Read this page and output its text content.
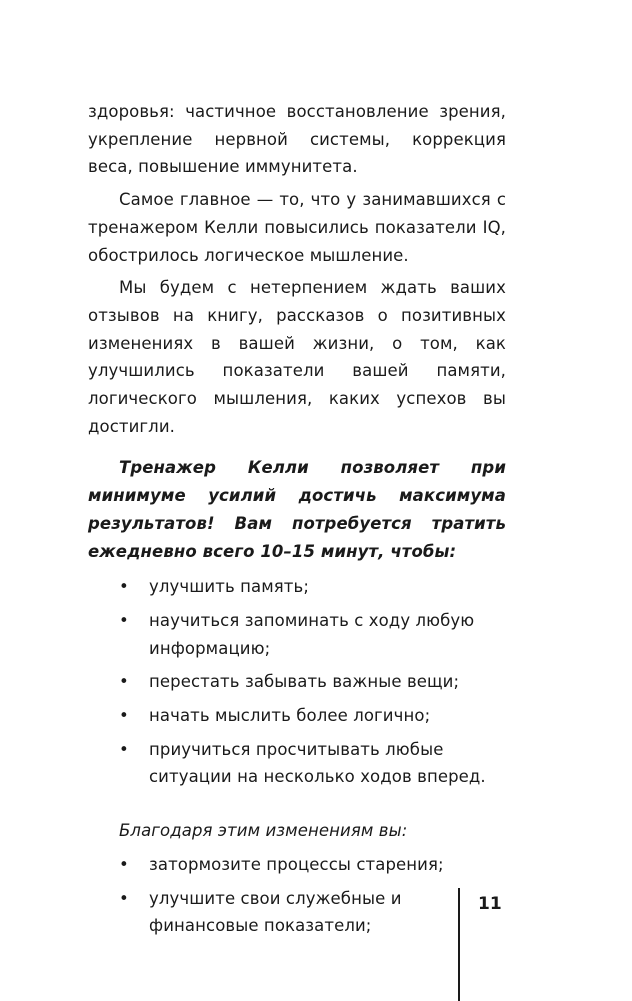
здоровья: частичное восстановление зрения, укрепление нервной системы, коррекция веса, повышение иммунитета.

Самое главное — то, что у занимавшихся с тренажером Келли повысились показатели IQ, обострилось логическое мышление.

Мы будем с нетерпением ждать ваших отзывов на книгу, рассказов о позитивных изменениях в вашей жизни, о том, как улучшились показатели вашей памяти, логического мышления, каких успехов вы достигли.

Тренажер Келли позволяет при минимуме усилий достичь максимума результатов! Вам потребуется тратить ежедневно всего 10–15 минут, чтобы:

• улучшить память;
• научиться запоминать с ходу любую информацию;
• перестать забывать важные вещи;
• начать мыслить более логично;
• приучиться просчитывать любые ситуации на несколько ходов вперед.

Благодаря этим изменениям вы:

• затормозите процессы старения;
• улучшите свои служебные и финансовые показатели;
11
